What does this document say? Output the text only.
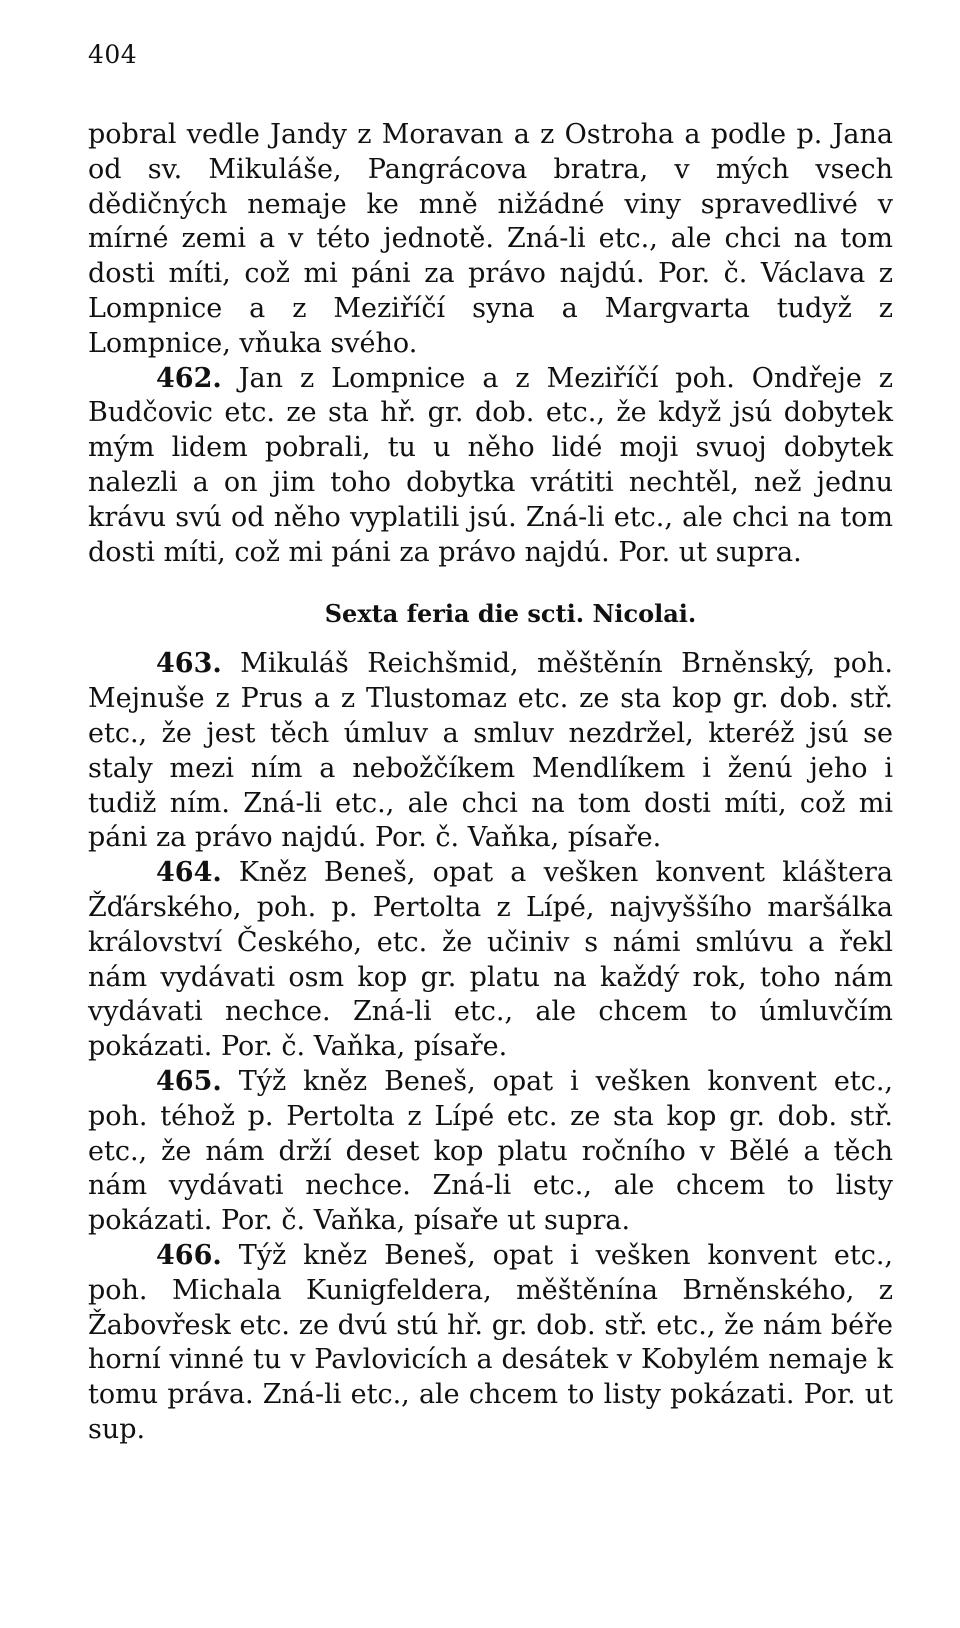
404

pobral vedle Jandy z Moravan a z Ostroha a podle p. Jana od sv. Mikuláše, Pangrácova bratra, v mých vsech dědičných nemaje ke mně nižádné viny spravedlivé v mírné zemi a v této jednotě. Zná-li etc., ale chci na tom dosti míti, což mi páni za právo najdú. Por. č. Václava z Lompnice a z Meziříčí syna a Margvarta tudyž z Lompnice, vňuka svého.

462. Jan z Lompnice a z Meziříčí poh. Ondřeje z Budčovic etc. ze sta hř. gr. dob. etc., že když jsú dobytek mým lidem pobrali, tu u něho lidé moji svuoj dobytek nalezli a on jim toho dobytka vrátiti nechtěl, než jednu krávu svú od něho vyplatili jsú. Zná-li etc., ale chci na tom dosti míti, což mi páni za právo najdú. Por. ut supra.

Sexta feria die scti. Nicolai.

463. Mikuláš Reichšmid, měštěnín Brněnský, poh. Mejnuše z Prus a z Tlustomaz etc. ze sta kop gr. dob. stř. etc., že jest těch úmluv a smluv nezdržel, kteréž jsú se staly mezi ním a nebožčíkem Mendlíkem i ženú jeho i tudiž ním. Zná-li etc., ale chci na tom dosti míti, což mi páni za právo najdú. Por. č. Vaňka, písaře.

464. Kněz Beneš, opat a vešken konvent kláštera Žďárského, poh. p. Pertolta z Lípé, najvyššího maršálka království Českého, etc. že učiniv s námi smlúvu a řekl nám vydávati osm kop gr. platu na každý rok, toho nám vydávati nechce. Zná-li etc., ale chcem to úmluvčím pokázati. Por. č. Vaňka, písaře.

465. Týž kněz Beneš, opat i vešken konvent etc., poh. téhož p. Pertolta z Lípé etc. ze sta kop gr. dob. stř. etc., že nám drží deset kop platu ročního v Bělé a těch nám vydávati nechce. Zná-li etc., ale chcem to listy pokázati. Por. č. Vaňka, písaře ut supra.

466. Týž kněz Beneš, opat i vešken konvent etc., poh. Michala Kunigfeldera, měštěnína Brněnského, z Žabovřesk etc. ze dvú stú hř. gr. dob. stř. etc., že nám béře horní vinné tu v Pavlovicích a desátek v Kobylém nemaje k tomu práva. Zná-li etc., ale chcem to listy pokázati. Por. ut sup.
